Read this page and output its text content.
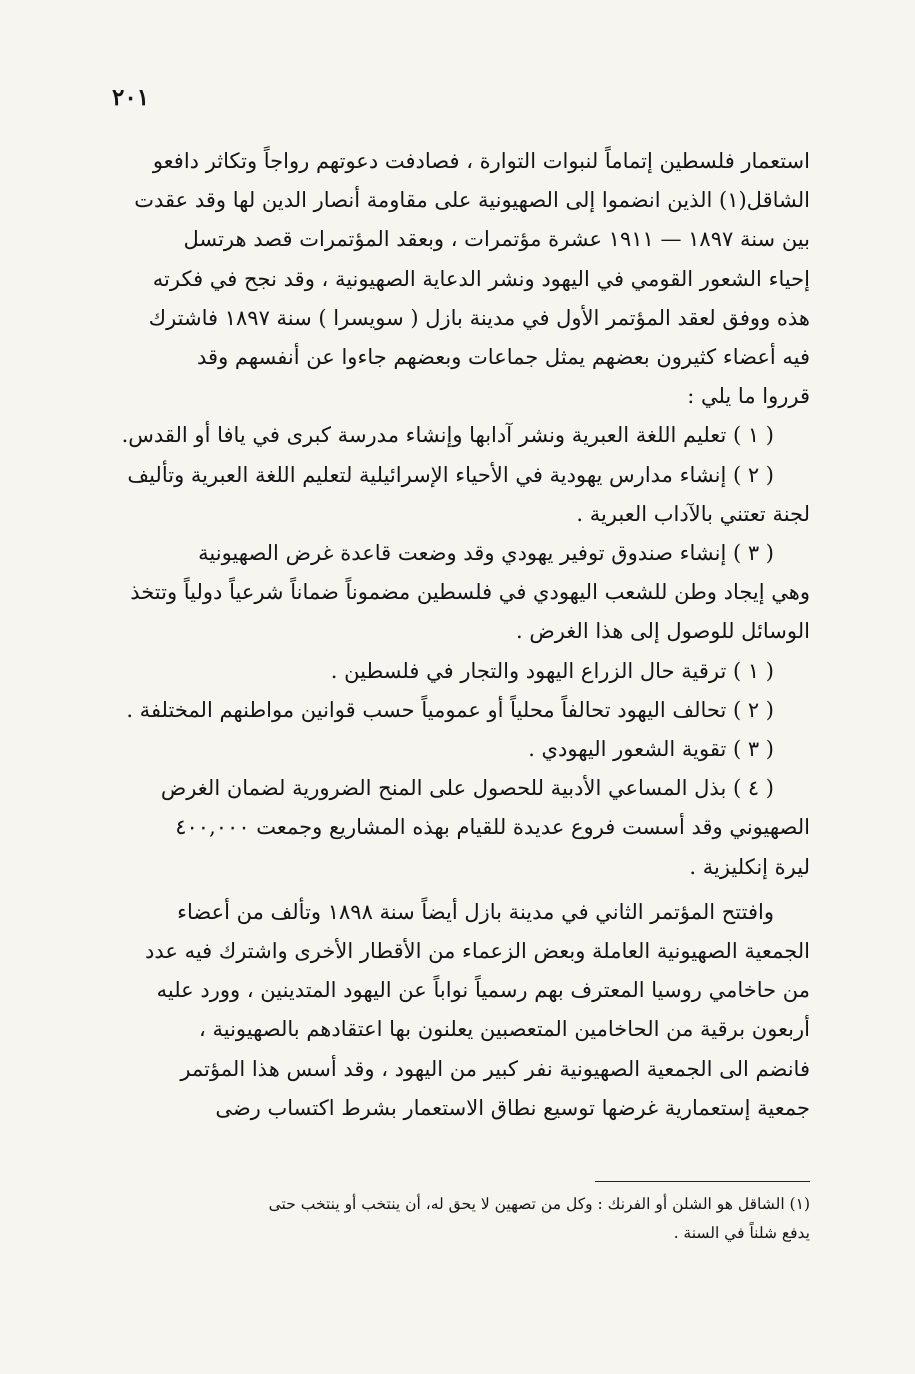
٢٠١

استعمار فلسطين إتماماً لنبوات التوارة ، فصادفت دعوتهم رواجاً وتكاثر دافعو

الشاقل(١) الذين انضموا إلى الصهيونية على مقاومة أنصار الدين لها وقد عقدت

بين سنة ١٨٩٧ — ١٩١١ عشرة مؤتمرات ، وبعقد المؤتمرات قصد هرتسل

إحياء الشعور القومي في اليهود ونشر الدعاية الصهيونية ، وقد نجح في فكرته

هذه ووفق لعقد المؤتمر الأول في مدينة بازل ( سويسرا ) سنة ١٨٩٧ فاشترك

فيه أعضاء كثيرون بعضهم يمثل جماعات وبعضهم جاءوا عن أنفسهم وقد

قرروا ما يلي :

( ١ ) تعليم اللغة العبرية ونشر آدابها وإنشاء مدرسة كبرى في يافا أو القدس.

( ٢ ) إنشاء مدارس يهودية في الأحياء الإسرائيلية لتعليم اللغة العبرية وتأليف

لجنة تعتني بالآداب العبرية .

( ٣ ) إنشاء صندوق توفير يهودي وقد وضعت قاعدة غرض الصهيونية

وهي إيجاد وطن للشعب اليهودي في فلسطين مضموناً ضماناً شرعياً دولياً وتتخذ

الوسائل للوصول إلى هذا الغرض .

( ١ ) ترقية حال الزراع اليهود والتجار في فلسطين .

( ٢ ) تحالف اليهود تحالفاً محلياً أو عمومياً حسب قوانين مواطنهم المختلفة .

( ٣ ) تقوية الشعور اليهودي .

( ٤ ) بذل المساعي الأدبية للحصول على المنح الضرورية لضمان الغرض

الصهيوني وقد أسست فروع عديدة للقيام بهذه المشاريع وجمعت ٤٠٠,٠٠٠

ليرة إنكليزية .

وافتتح المؤتمر الثاني في مدينة بازل أيضاً سنة ١٨٩٨ وتألف من أعضاء

الجمعية الصهيونية العاملة وبعض الزعماء من الأقطار الأخرى واشترك فيه عدد

من حاخامي روسيا المعترف بهم رسمياً نواباً عن اليهود المتدينين ، وورد عليه

أربعون برقية من الحاخامين المتعصبين يعلنون بها اعتقادهم بالصهيونية ،

فانضم الى الجمعية الصهيونية نفر كبير من اليهود ، وقد أسس هذا المؤتمر

جمعية إستعمارية غرضها توسيع نطاق الاستعمار بشرط اكتساب رضى

(١) الشاقل هو الشلن أو الفرنك : وكل من تصهين لا يحق له، أن ينتخب أو ينتخب حتى

يدفع شلناً في السنة .
